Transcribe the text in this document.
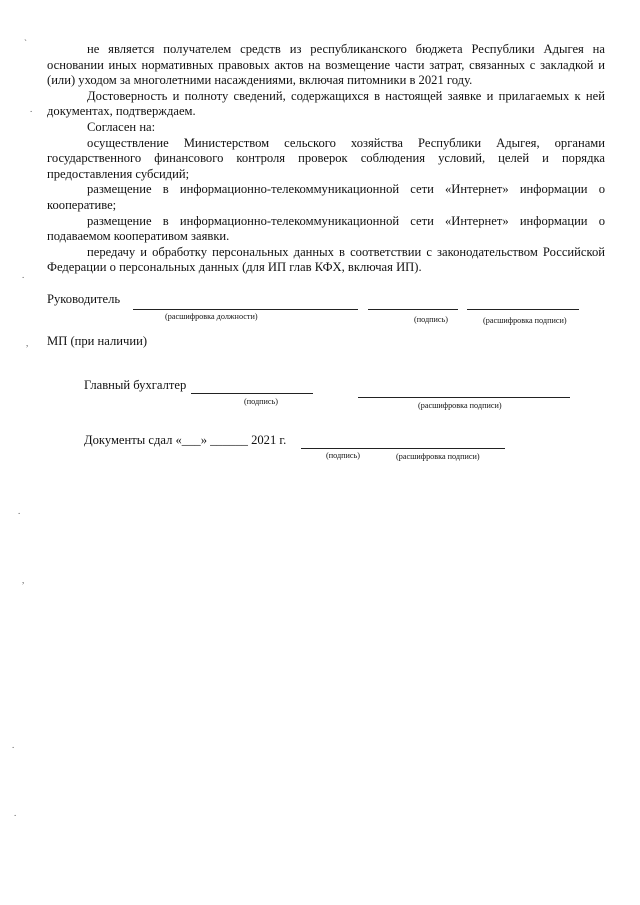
не является получателем средств из республиканского бюджета Республики Адыгея на основании иных нормативных правовых актов на возмещение части затрат, связанных с закладкой и (или) уходом за многолетними насаждениями, включая питомники в 2021 году.

Достоверность и полноту сведений, содержащихся в настоящей заявке и прилагаемых к ней документах, подтверждаем.

Согласен на:

осуществление Министерством сельского хозяйства Республики Адыгея, органами государственного финансового контроля проверок соблюдения условий, целей и порядка предоставления субсидий;

размещение в информационно-телекоммуникационной сети «Интернет» информации о кооперативе;

размещение в информационно-телекоммуникационной сети «Интернет» информации о подаваемом кооперативом заявки.

передачу и обработку персональных данных в соответствии с законодательством Российской Федерации о персональных данных (для ИП глав КФХ, включая ИП).

Руководитель
(расшифровка должности)	(подпись)	(расшифровка подписи)
МП (при наличии)
Главный бухгалтер
(подпись)	(расшифровка подписи)
Документы сдал «___» ______ 2021 г.
(подпись)	(расшифровка подписи)
`
.
.
,
.
,
.
.
